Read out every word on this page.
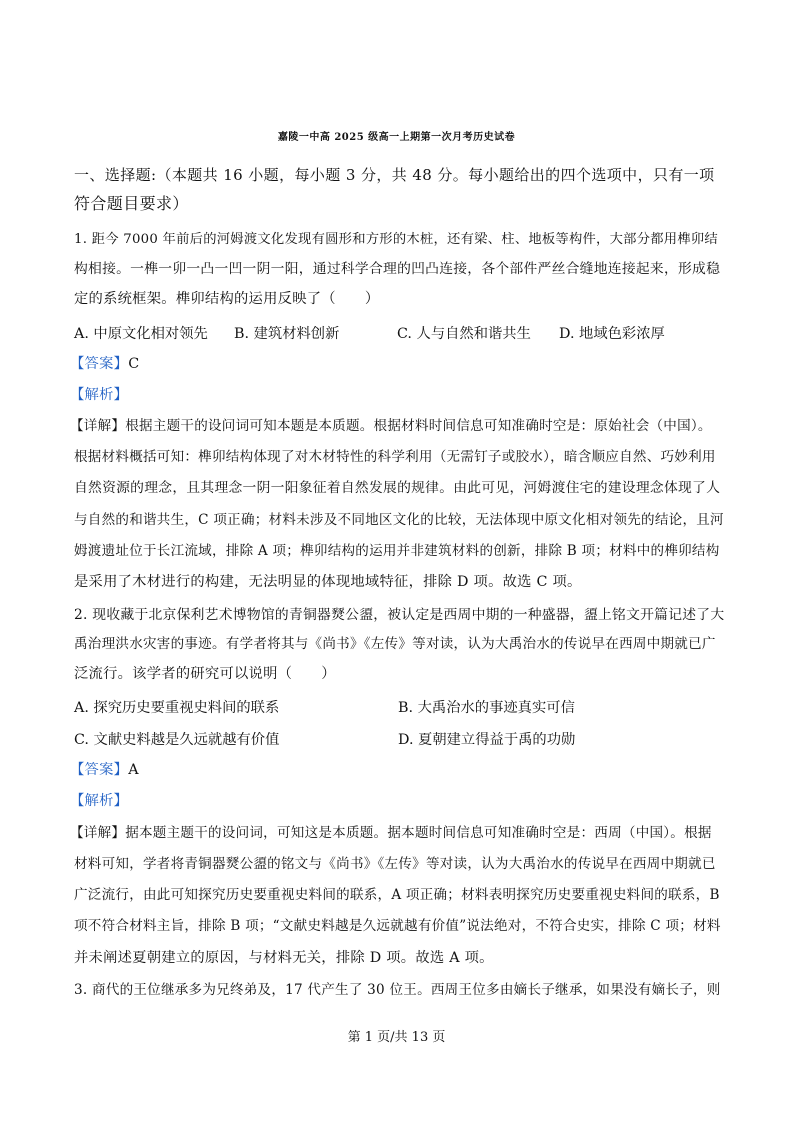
嘉陵一中高 2025 级高一上期第一次月考历史试卷
一、选择题:（本题共 16 小题，每小题 3 分，共 48 分。每小题给出的四个选项中，只有一项
符合题目要求）
1. 距今 7000 年前后的河姆渡文化发现有圆形和方形的木桩，还有梁、柱、地板等构件，大部分都用榫卯结
构相接。一榫一卯一凸一凹一阴一阳，通过科学合理的凹凸连接，各个部件严丝合缝地连接起来，形成稳
定的系统框架。榫卯结构的运用反映了（　　）
A. 中原文化相对领先 B. 建筑材料创新	C. 人与自然和谐共生 D. 地域色彩浓厚
【答案】C
【解析】
【详解】根据主题干的设问词可知本题是本质题。根据材料时间信息可知准确时空是：原始社会（中国）。
根据材料概括可知：榫卯结构体现了对木材特性的科学利用（无需钉子或胶水），暗含顺应自然、巧妙利用
自然资源的理念，且其理念一阴一阳象征着自然发展的规律。由此可见，河姆渡住宅的建设理念体现了人
与自然的和谐共生，C 项正确；材料未涉及不同地区文化的比较，无法体现中原文化相对领先的结论，且河
姆渡遗址位于长江流域，排除 A 项；榫卯结构的运用并非建筑材料的创新，排除 B 项；材料中的榫卯结构
是采用了木材进行的构建，无法明显的体现地域特征，排除 D 项。故选 C 项。
2. 现收藏于北京保利艺术博物馆的青铜器燹公盨，被认定是西周中期的一种盛器，盨上铭文开篇记述了大
禹治理洪水灾害的事迹。有学者将其与《尚书》《左传》等对读，认为大禹治水的传说早在西周中期就已广
泛流行。该学者的研究可以说明（　　）
A. 探究历史要重视史料间的联系	B. 大禹治水的事迹真实可信
C. 文献史料越是久远就越有价值	D. 夏朝建立得益于禹的功勋
【答案】A
【解析】
【详解】据本题主题干的设问词，可知这是本质题。据本题时间信息可知准确时空是：西周（中国）。根据
材料可知，学者将青铜器燹公盨的铭文与《尚书》《左传》等对读，认为大禹治水的传说早在西周中期就已
广泛流行，由此可知探究历史要重视史料间的联系，A 项正确；材料表明探究历史要重视史料间的联系，B
项不符合材料主旨，排除 B 项；“文献史料越是久远就越有价值”说法绝对，不符合史实，排除 C 项；材料
并未阐述夏朝建立的原因，与材料无关，排除 D 项。故选 A 项。
3. 商代的王位继承多为兄终弟及，17 代产生了 30 位王。西周王位多由嫡长子继承，如果没有嫡长子，则
第 1 页/共 13 页
